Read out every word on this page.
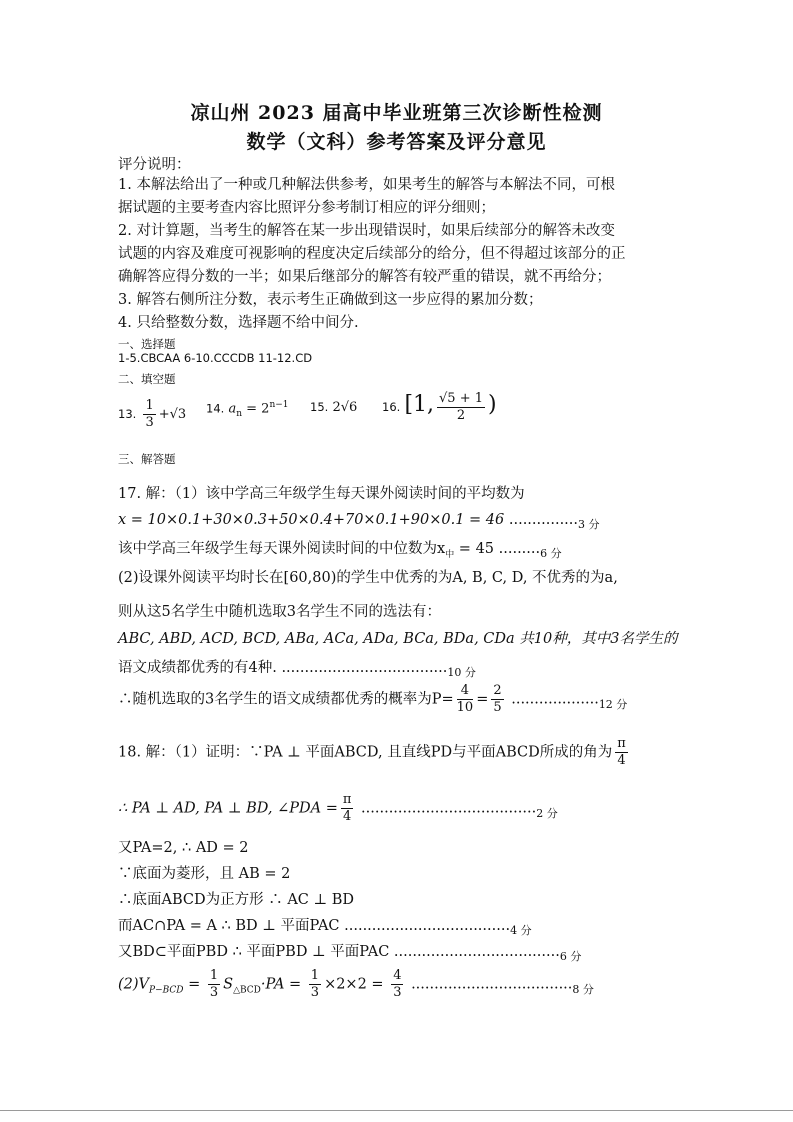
凉山州 2023 届高中毕业班第三次诊断性检测
数学（文科）参考答案及评分意见
评分说明：
1. 本解法给出了一种或几种解法供参考，如果考生的解答与本解法不同，可根
据试题的主要考查内容比照评分参考制订相应的评分细则；
2. 对计算题，当考生的解答在某一步出现错误时，如果后续部分的解答未改变
试题的内容及难度可视影响的程度决定后续部分的给分，但不得超过该部分的正
确解答应得分数的一半；如果后继部分的解答有较严重的错误，就不再给分；
3. 解答右侧所注分数，表示考生正确做到这一步应得的累加分数；
4. 只给整数分数，选择题不给中间分.
一、选择题
1-5.CBCAA 6-10.CCCDB 11-12.CD
二、填空题
13. $\frac{1}{3} +√3$ 14. $a_n = 2^{n-1}$ 15. 2√6 16. [1, $\frac{√5 + 1}{2}$ )
三、解答题
17. 解：（1）该中学高三年级学生每天课外阅读时间的平均数为
x = 10×0.1+30×0.3+50×0.4+70×0.1+90×0.1 = 46 $..............._{3 分}$
该中学高三年级学生每天课外阅读时间的中位数为$x_中 = 45$ $........._{6 分}$
(2)设课外阅读平均时长在[60,80)的学生中优秀的为A, B, C, D, 不优秀的为a,
则从这5名学生中随机选取3名学生不同的选法有：
ABC, ABD, ACD, BCD, ABa, ACa, ADa, BCa, BDa, CDa 共10种，其中3名学生的
语文成绩都优秀的有4种. $...................................._{10 分}$
∴随机选取的3名学生的语文成绩都优秀的概率为$P= \frac{4}{10} = \frac{2}{5} ..................._{12 分}$
18. 解：（1）证明：∵PA ⊥ 平面ABCD, 且直线PD与平面ABCD所成的角为 $\frac{\pi}{4}$
∴ PA ⊥ AD, PA ⊥ BD, ∠PDA = $\frac{\pi}{4} ......................................_{2 分}$
又PA=2, ∴ AD = 2
∵底面为菱形，且 AB = 2
∴底面ABCD为正方形 ∴ AC ⊥ BD
而AC∩PA = A ∴ BD ⊥ 平面PAC $...................................._{4 分}$
又BD⊂平面PBD ∴ 平面PBD ⊥ 平面PAC $...................................._{6 分}$
$(2)V_{P-BCD} = \frac{1}{3} S_{\triangle BCD}\cdot PA = \frac{1}{3} \times 2\times 2 = \frac{4}{3} ..................................._{8 分}$
